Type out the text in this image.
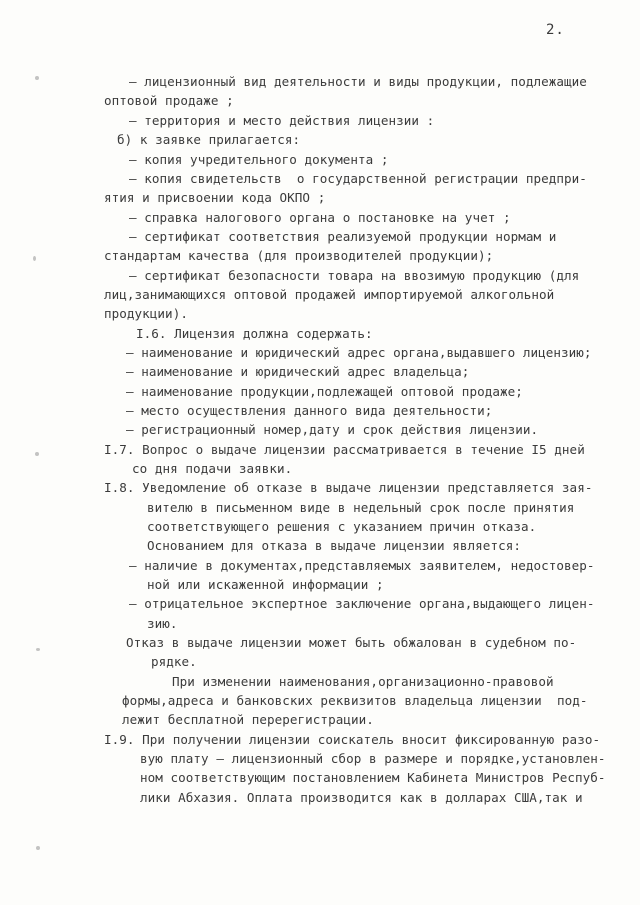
2.
– лицензионный вид деятельности и виды продукции, подлежащие
оптовой продаже ;
– территория и место действия лицензии :
б) к заявке прилагается:
– копия учредительного документа ;
– копия свидетельств  о государственной регистрации предпри-
ятия и присвоении кода ОКПО ;
– справка налогового органа о постановке на учет ;
– сертификат соответствия реализуемой продукции нормам и
стандартам качества (для производителей продукции);
– сертификат безопасности товара на ввозимую продукцию (для
лиц,занимающихся оптовой продажей импортируемой алкогольной
продукции).
I.6. Лицензия должна содержать:
– наименование и юридический адрес органа,выдавшего лицензию;
– наименование и юридический адрес владельца;
– наименование продукции,подлежащей оптовой продаже;
– место осуществления данного вида деятельности;
– регистрационный номер,дату и срок действия лицензии.
I.7. Вопрос о выдаче лицензии рассматривается в течение I5 дней
со дня подачи заявки.
I.8. Уведомление об отказе в выдаче лицензии представляется зая-
вителю в письменном виде в недельный срок после принятия
соответствующего решения с указанием причин отказа.
Основанием для отказа в выдаче лицензии является:
– наличие в документах,представляемых заявителем, недостовер-
ной или искаженной информации ;
– отрицательное экспертное заключение органа,выдающего лицен-
зию.
Отказ в выдаче лицензии может быть обжалован в судебном по-
рядке.
При изменении наименования,организационно-правовой
формы,адреса и банковских реквизитов владельца лицензии  под-
лежит бесплатной перерегистрации.
I.9. При получении лицензии соискатель вносит фиксированную разо-
вую плату – лицензионный сбор в размере и порядке,установлен-
ном соответствующим постановлением Кабинета Министров Респуб-
лики Абхазия. Оплата производится как в долларах США,так и
